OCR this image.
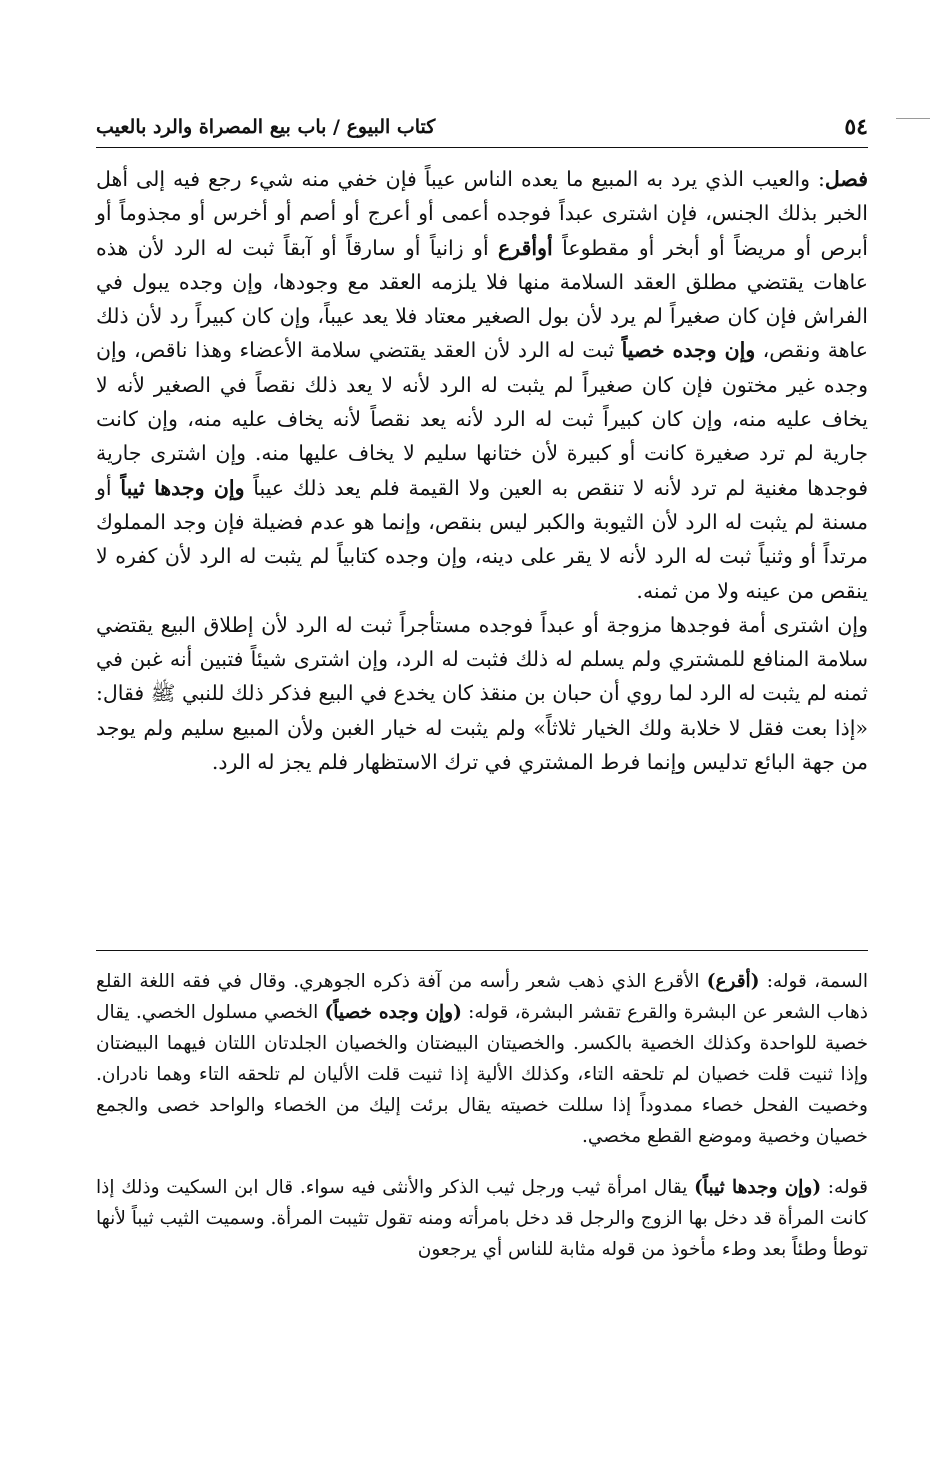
٥٤
كتاب البيوع / باب بيع المصراة والرد بالعيب

فصل: والعيب الذي يرد به المبيع ما يعده الناس عيباً فإن خفي منه شيء رجع فيه إلى أهل الخبر بذلك الجنس، فإن اشترى عبداً فوجده أعمى أو أعرج أو أصم أو أخرس أو مجذوماً أو أبرص أو مريضاً أو أبخر أو مقطوعاً أوأقرع أو زانياً أو سارقاً أو آبقاً ثبت له الرد لأن هذه عاهات يقتضي مطلق العقد السلامة منها فلا يلزمه العقد مع وجودها، وإن وجده يبول في الفراش فإن كان صغيراً لم يرد لأن بول الصغير معتاد فلا يعد عيباً، وإن كان كبيراً رد لأن ذلك عاهة ونقص، وإن وجده خصياً ثبت له الرد لأن العقد يقتضي سلامة الأعضاء وهذا ناقص، وإن وجده غير مختون فإن كان صغيراً لم يثبت له الرد لأنه لا يعد ذلك نقصاً في الصغير لأنه لا يخاف عليه منه، وإن كان كبيراً ثبت له الرد لأنه يعد نقصاً لأنه يخاف عليه منه، وإن كانت جارية لم ترد صغيرة كانت أو كبيرة لأن ختانها سليم لا يخاف عليها منه. وإن اشترى جارية فوجدها مغنية لم ترد لأنه لا تنقص به العين ولا القيمة فلم يعد ذلك عيباً وإن وجدها ثيباً أو مسنة لم يثبت له الرد لأن الثيوبة والكبر ليس بنقص، وإنما هو عدم فضيلة فإن وجد المملوك مرتداً أو وثنياً ثبت له الرد لأنه لا يقر على دينه، وإن وجده كتابياً لم يثبت له الرد لأن كفره لا ينقص من عينه ولا من ثمنه.

وإن اشترى أمة فوجدها مزوجة أو عبداً فوجده مستأجراً ثبت له الرد لأن إطلاق البيع يقتضي سلامة المنافع للمشتري ولم يسلم له ذلك فثبت له الرد، وإن اشترى شيئاً فتبين أنه غبن في ثمنه لم يثبت له الرد لما روي أن حبان بن منقذ كان يخدع في البيع فذكر ذلك للنبي ﷺ فقال: «إذا بعت فقل لا خلابة ولك الخيار ثلاثاً» ولم يثبت له خيار الغبن ولأن المبيع سليم ولم يوجد من جهة البائع تدليس وإنما فرط المشتري في ترك الاستظهار فلم يجز له الرد.

السمة، قوله: (أقرع) الأقرع الذي ذهب شعر رأسه من آفة ذكره الجوهري. وقال في فقه اللغة القلع ذهاب الشعر عن البشرة والقرع تقشر البشرة، قوله: (وإن وجده خصياً) الخصي مسلول الخصي. يقال خصية للواحدة وكذلك الخصية بالكسر. والخصيتان البيضتان والخصيان الجلدتان اللتان فيهما البيضتان وإذا ثنيت قلت خصيان لم تلحقه التاء، وكذلك الألية إذا ثنيت قلت الأليان لم تلحقه التاء وهما نادران. وخصيت الفحل خصاء ممدوداً إذا سللت خصيته يقال برئت إليك من الخصاء والواحد خصى والجمع خصيان وخصية وموضع القطع مخصي.

قوله: (وإن وجدها ثيباً) يقال امرأة ثيب ورجل ثيب الذكر والأنثى فيه سواء. قال ابن السكيت وذلك إذا كانت المرأة قد دخل بها الزوج والرجل قد دخل بامرأته ومنه تقول تثيبت المرأة. وسميت الثيب ثيباً لأنها توطأ وطئاً بعد وطء مأخوذ من قوله مثابة للناس أي يرجعون
